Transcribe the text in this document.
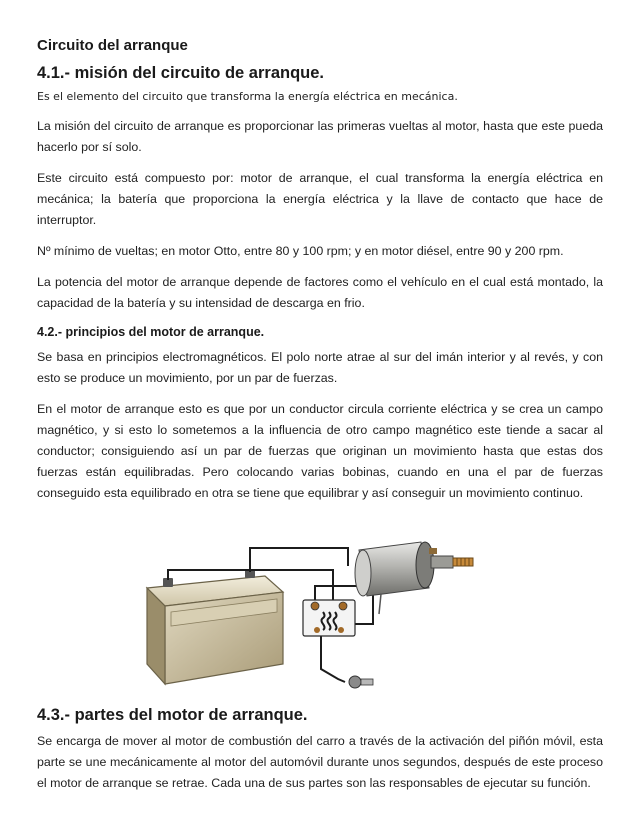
Circuito del arranque
4.1.- misión del circuito de arranque.
Es el elemento del circuito que transforma la energía eléctrica en mecánica.

La misión del circuito de arranque es proporcionar las primeras vueltas al motor, hasta que este pueda hacerlo por sí solo.

Este circuito está compuesto por: motor de arranque, el cual transforma la energía eléctrica en mecánica; la batería que proporciona la energía eléctrica y la llave de contacto que hace de interruptor.

Nº mínimo de vueltas; en motor Otto, entre 80 y 100 rpm; y en motor diésel, entre 90 y 200 rpm.

La potencia del motor de arranque depende de factores como el vehículo en el cual está montado, la capacidad de la batería y su intensidad de descarga en frio.

4.2.- principios del motor de arranque.

Se basa en principios electromagnéticos. El polo norte atrae al sur del imán interior y al revés, y con esto se produce un movimiento, por un par de fuerzas.

En el motor de arranque esto es que por un conductor circula corriente eléctrica y se crea un campo magnético, y si esto lo sometemos a la influencia de otro campo magnético este tiende a sacar al conductor; consiguiendo así un par de fuerzas que originan un movimiento hasta que estas dos fuerzas están equilibradas. Pero colocando varias bobinas, cuando en una el par de fuerzas conseguido esta equilibrado en otra se tiene que equilibrar y así conseguir un movimiento continuo.

4.3.- partes del motor de arranque.

Se encarga de mover al motor de combustión del carro a través de la activación del piñón móvil, esta parte se une mecánicamente al motor del automóvil durante unos segundos, después de este proceso el motor de arranque se retrae. Cada una de sus partes son las responsables de ejecutar su función.
